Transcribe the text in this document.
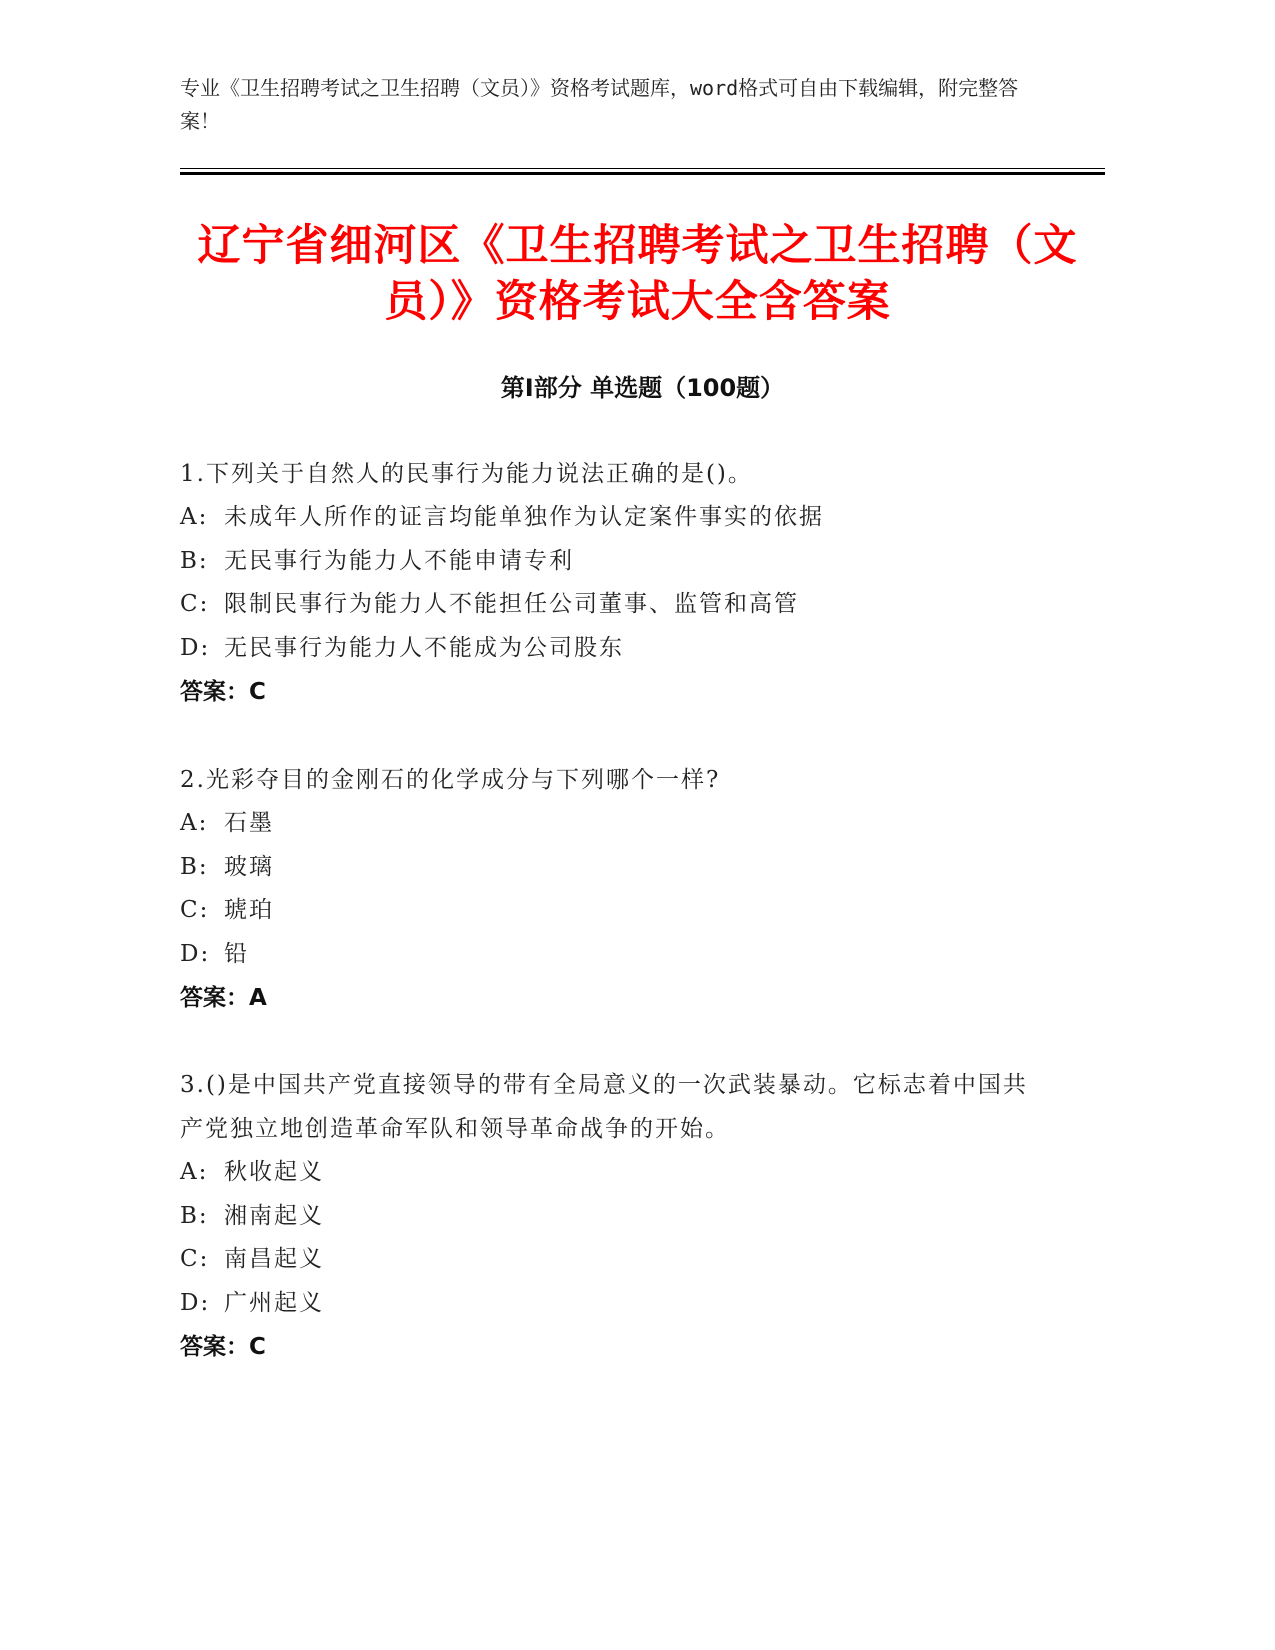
专业《卫生招聘考试之卫生招聘（文员）》资格考试题库，word格式可自由下载编辑，附完整答案！
辽宁省细河区《卫生招聘考试之卫生招聘（文员）》资格考试大全含答案
第Ⅰ部分 单选题（100题）
1.下列关于自然人的民事行为能力说法正确的是()。
A: 未成年人所作的证言均能单独作为认定案件事实的依据
B: 无民事行为能力人不能申请专利
C: 限制民事行为能力人不能担任公司董事、监管和高管
D: 无民事行为能力人不能成为公司股东
答案：C
2.光彩夺目的金刚石的化学成分与下列哪个一样?
A: 石墨
B: 玻璃
C: 琥珀
D: 铅
答案：A
3.()是中国共产党直接领导的带有全局意义的一次武装暴动。它标志着中国共产党独立地创造革命军队和领导革命战争的开始。
A: 秋收起义
B: 湘南起义
C: 南昌起义
D: 广州起义
答案：C
